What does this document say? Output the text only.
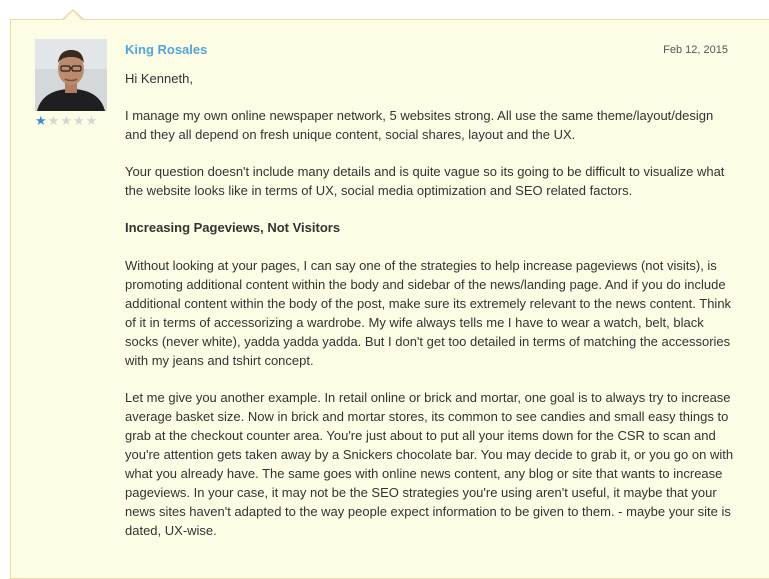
★ ★ ★ ★ ★
King Rosales	Feb 12, 2015

Hi Kenneth,

I manage my own online newspaper network, 5 websites strong. All use the same theme/layout/design and they all depend on fresh unique content, social shares, layout and the UX.

Your question doesn't include many details and is quite vague so its going to be difficult to visualize what the website looks like in terms of UX, social media optimization and SEO related factors.

Increasing Pageviews, Not Visitors

Without looking at your pages, I can say one of the strategies to help increase pageviews (not visits), is promoting additional content within the body and sidebar of the news/landing page. And if you do include additional content within the body of the post, make sure its extremely relevant to the news content. Think of it in terms of accessorizing a wardrobe. My wife always tells me I have to wear a watch, belt, black socks (never white), yadda yadda yadda. But I don't get too detailed in terms of matching the accessories with my jeans and tshirt concept.

Let me give you another example. In retail online or brick and mortar, one goal is to always try to increase average basket size. Now in brick and mortar stores, its common to see candies and small easy things to grab at the checkout counter area. You're just about to put all your items down for the CSR to scan and you're attention gets taken away by a Snickers chocolate bar. You may decide to grab it, or you go on with what you already have. The same goes with online news content, any blog or site that wants to increase pageviews. In your case, it may not be the SEO strategies you're using aren't useful, it maybe that your news sites haven't adapted to the way people expect information to be given to them. - maybe your site is dated, UX-wise.
